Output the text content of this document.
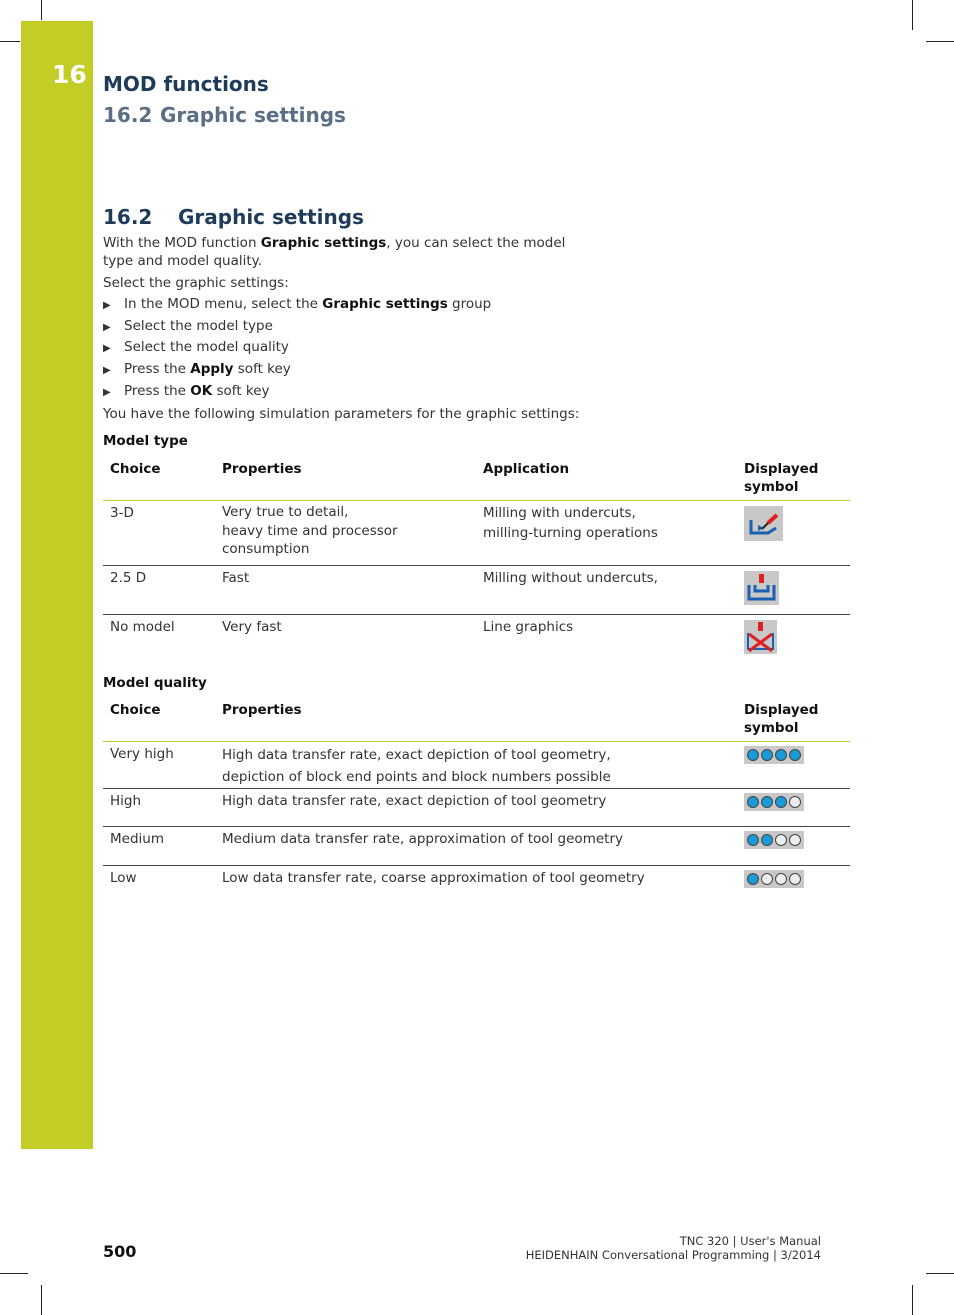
16 MOD functions
16.2 Graphic settings
16.2 Graphic settings
With the MOD function Graphic settings, you can select the model type and model quality.
Select the graphic settings:
▶ In the MOD menu, select the Graphic settings group
▶ Select the model type
▶ Select the model quality
▶ Press the Apply soft key
▶ Press the OK soft key
You have the following simulation parameters for the graphic settings:
Model type
Choice	Properties	Application	Displayed
symbol

3-D	Very true to detail,
heavy time and processor
consumption	Milling with undercuts,
milling-turning operations

2.5 D	Fast	Milling without undercuts,	
No model	Very fast	Line graphics	
Model quality
Choice	Properties	Displayed
symbol

Very high	High data transfer rate, exact depiction of tool geometry,
depiction of block end points and block numbers possible	

High	High data transfer rate, exact depiction of tool geometry	

Medium	Medium data transfer rate, approximation of tool geometry	

Low	Low data transfer rate, coarse approximation of tool geometry	
500
TNC 320 | User's Manual
HEIDENHAIN Conversational Programming | 3/2014
